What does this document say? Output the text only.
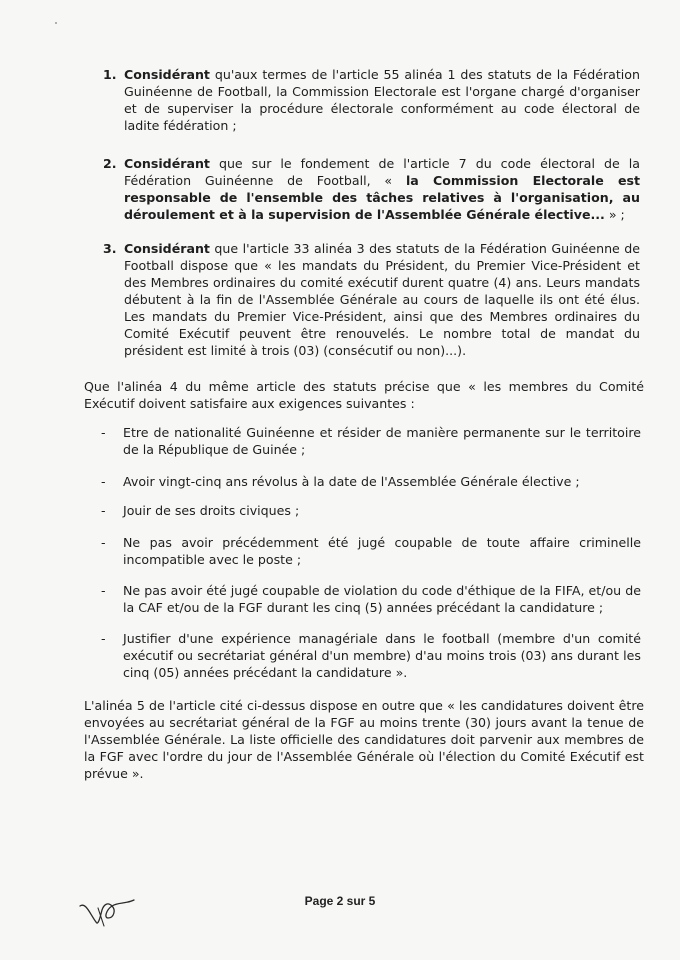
1. Considérant qu'aux termes de l'article 55 alinéa 1 des statuts de la Fédération Guinéenne de Football, la Commission Electorale est l'organe chargé d'organiser et de superviser la procédure électorale conformément au code électoral de ladite fédération ;
2. Considérant que sur le fondement de l'article 7 du code électoral de la Fédération Guinéenne de Football, « la Commission Electorale est responsable de l'ensemble des tâches relatives à l'organisation, au déroulement et à la supervision de l'Assemblée Générale élective... » ;
3. Considérant que l'article 33 alinéa 3 des statuts de la Fédération Guinéenne de Football dispose que « les mandats du Président, du Premier Vice-Président et des Membres ordinaires du comité exécutif durent quatre (4) ans. Leurs mandats débutent à la fin de l'Assemblée Générale au cours de laquelle ils ont été élus. Les mandats du Premier Vice-Président, ainsi que des Membres ordinaires du Comité Exécutif peuvent être renouvelés. Le nombre total de mandat du président est limité à trois (03) (consécutif ou non)...).
Que l'alinéa 4 du même article des statuts précise que « les membres du Comité Exécutif doivent satisfaire aux exigences suivantes :
- Etre de nationalité Guinéenne et résider de manière permanente sur le territoire de la République de Guinée ;
- Avoir vingt-cinq ans révolus à la date de l'Assemblée Générale élective ;
- Jouir de ses droits civiques ;
- Ne pas avoir précédemment été jugé coupable de toute affaire criminelle incompatible avec le poste ;
- Ne pas avoir été jugé coupable de violation du code d'éthique de la FIFA, et/ou de la CAF et/ou de la FGF durant les cinq (5) années précédant la candidature ;
- Justifier d'une expérience managériale dans le football (membre d'un comité exécutif ou secrétariat général d'un membre) d'au moins trois (03) ans durant les cinq (05) années précédant la candidature ».
L'alinéa 5 de l'article cité ci-dessus dispose en outre que « les candidatures doivent être envoyées au secrétariat général de la FGF au moins trente (30) jours avant la tenue de l'Assemblée Générale. La liste officielle des candidatures doit parvenir aux membres de la FGF avec l'ordre du jour de l'Assemblée Générale où l'élection du Comité Exécutif est prévue ».
Page 2 sur 5
